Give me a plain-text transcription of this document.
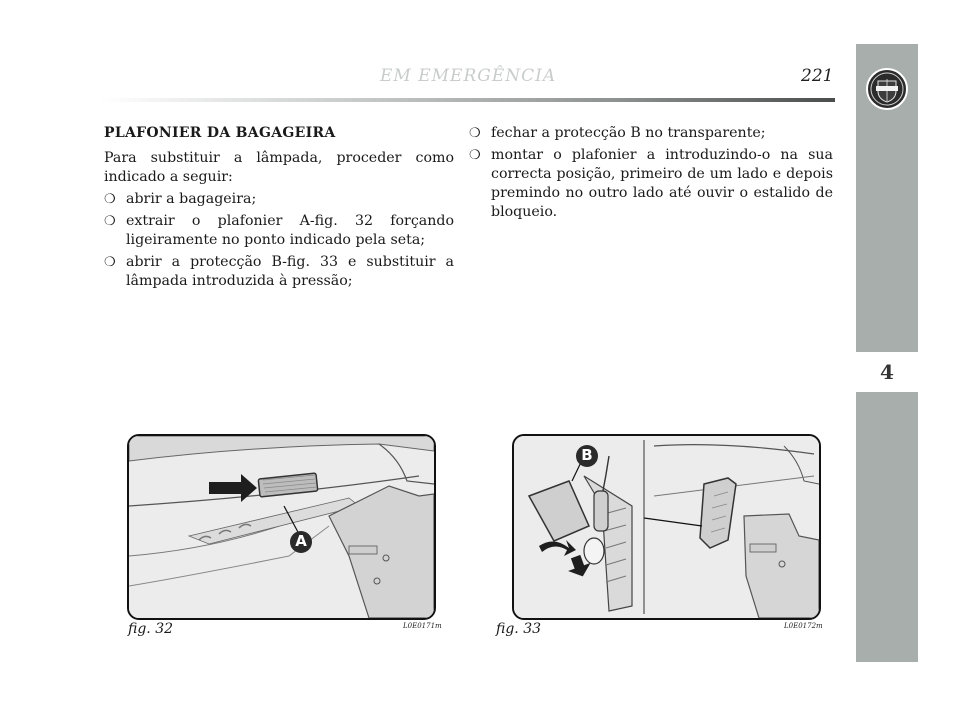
4
EM EMERGÊNCIA	221
PLAFONIER DA BAGAGEIRA

Para substituir a lâmpada, proceder como indicado a seguir:

❍ abrir a bagageira;
❍ extrair o plafonier A-fig. 32 forçando ligeiramente no ponto indicado pela seta;
❍ abrir a protecção B-fig. 33 e substituir a lâmpada introduzida à pressão;
❍ fechar a protecção B no transparente;
❍ montar o plafonier a introduzindo-o na sua correcta posição, primeiro de um lado e depois premindo no outro lado até ouvir o estalido de bloqueio.
A
fig. 32	L0E0171m
B
fig. 33	L0E0172m
